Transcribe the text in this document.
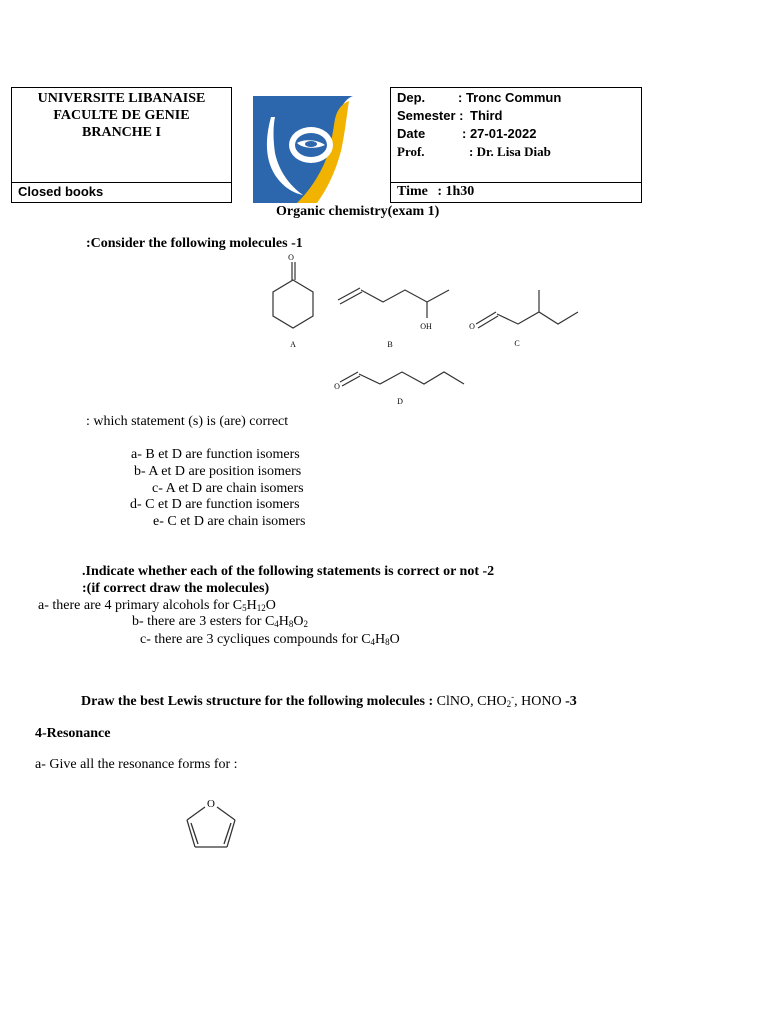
UNIVERSITE LIBANAISE
FACULTE DE GENIE
BRANCHE I
Closed books
Dep.	: Tronc Commun
Semester : Third
Date	: 27-01-2022
Prof.	: Dr. Lisa Diab
Time : 1h30
Organic chemistry(exam 1)
:Consider the following molecules -1
O
OH	O
O
A	B	C
D
: which statement (s) is (are) correct
a- B et D are function isomers
b- A et D are position isomers
c- A et D are chain isomers
d- C et D are function isomers
e- C et D are chain isomers
.Indicate whether each of the following statements is correct or not -2
:(if correct draw the molecules)
a- there are 4 primary alcohols for $C_5H_{12}O$
b- there are 3 esters for $C_4H_8O_2$
c- there are 3 cycliques compounds for $C_4H_8O$
Draw the best Lewis structure for the following molecules : ClNO, $CHO_2^-$, HONO -3
4-Resonance
a- Give all the resonance forms for :
O
